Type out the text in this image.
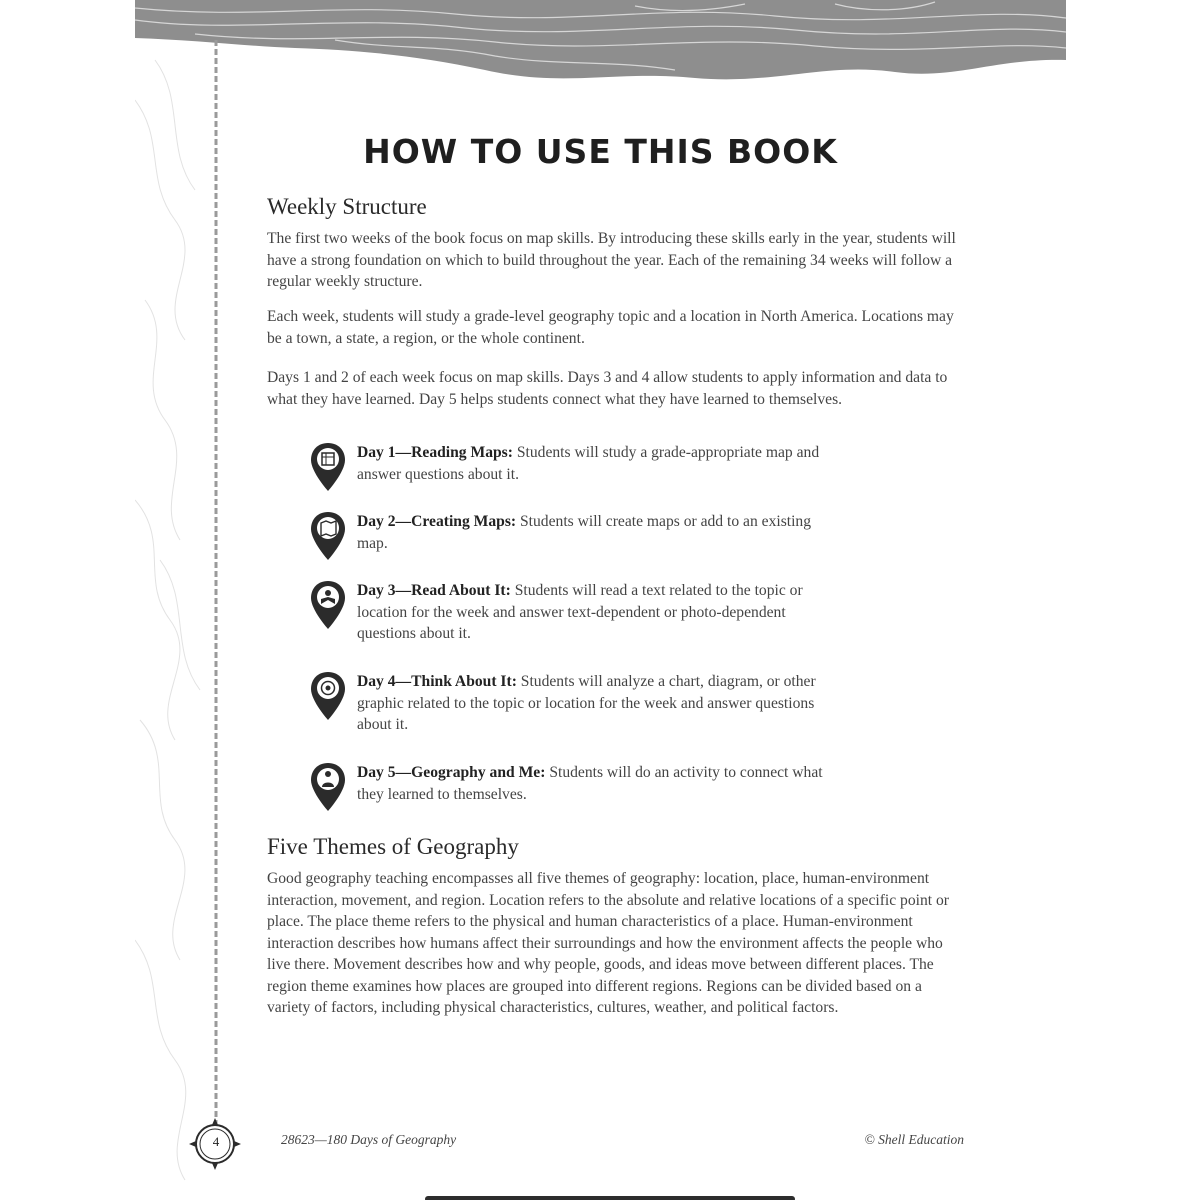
HOW TO USE THIS BOOK
Weekly Structure

The first two weeks of the book focus on map skills. By introducing these skills early in the year, students will have a strong foundation on which to build throughout the year. Each of the remaining 34 weeks will follow a regular weekly structure.

Each week, students will study a grade-level geography topic and a location in North America. Locations may be a town, a state, a region, or the whole continent.

Days 1 and 2 of each week focus on map skills. Days 3 and 4 allow students to apply information and data to what they have learned. Day 5 helps students connect what they have learned to themselves.

Day 1—Reading Maps: Students will study a grade-appropriate map and answer questions about it.
Day 2—Creating Maps: Students will create maps or add to an existing map.
Day 3—Read About It: Students will read a text related to the topic or location for the week and answer text-dependent or photo-dependent questions about it.
Day 4—Think About It: Students will analyze a chart, diagram, or other graphic related to the topic or location for the week and answer questions about it.
Day 5—Geography and Me: Students will do an activity to connect what they learned to themselves.
Five Themes of Geography

Good geography teaching encompasses all five themes of geography: location, place, human-environment interaction, movement, and region. Location refers to the absolute and relative locations of a specific point or place. The place theme refers to the physical and human characteristics of a place. Human-environment interaction describes how humans affect their surroundings and how the environment affects the people who live there. Movement describes how and why people, goods, and ideas move between different places. The region theme examines how places are grouped into different regions. Regions can be divided based on a variety of factors, including physical characteristics, cultures, weather, and political factors.

4	28623—180 Days of Geography	© Shell Education
